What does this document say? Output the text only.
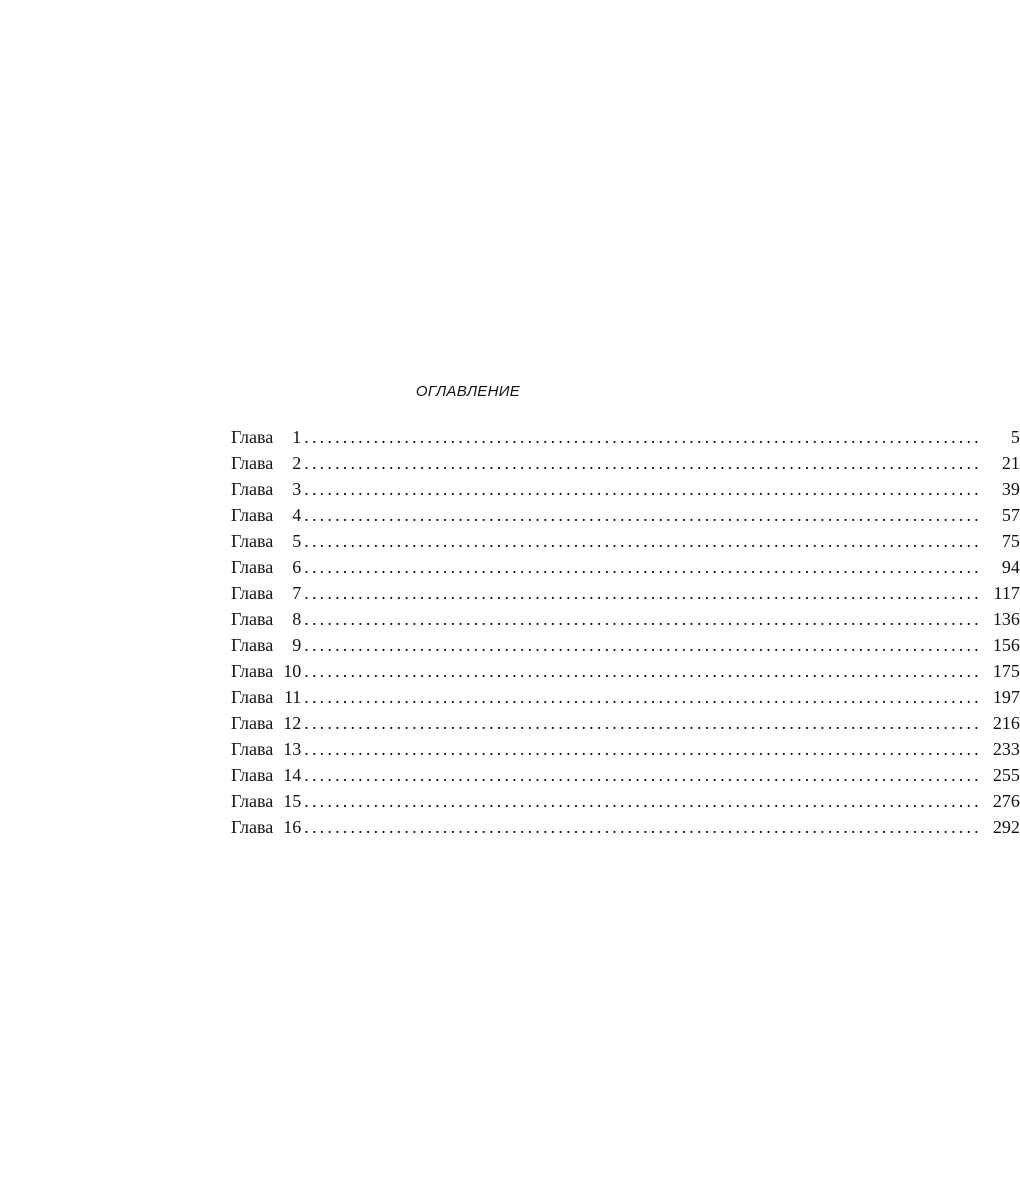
ОГЛАВЛЕНИЕ
Глава	1 ........................................................................................	5
Глава	2 ........................................................................................	21
Глава	3 ........................................................................................	39
Глава	4 ........................................................................................	57
Глава	5 ........................................................................................	75
Глава	6 ........................................................................................	94
Глава	7 ........................................................................................ 117
Глава	8 ........................................................................................ 136
Глава	9 ........................................................................................ 156
Глава 10 ........................................................................................ 175
Глава 11 ........................................................................................ 197
Глава 12 ........................................................................................ 216
Глава 13 ........................................................................................ 233
Глава 14 ........................................................................................ 255
Глава 15 ........................................................................................ 276
Глава 16 ........................................................................................ 292
